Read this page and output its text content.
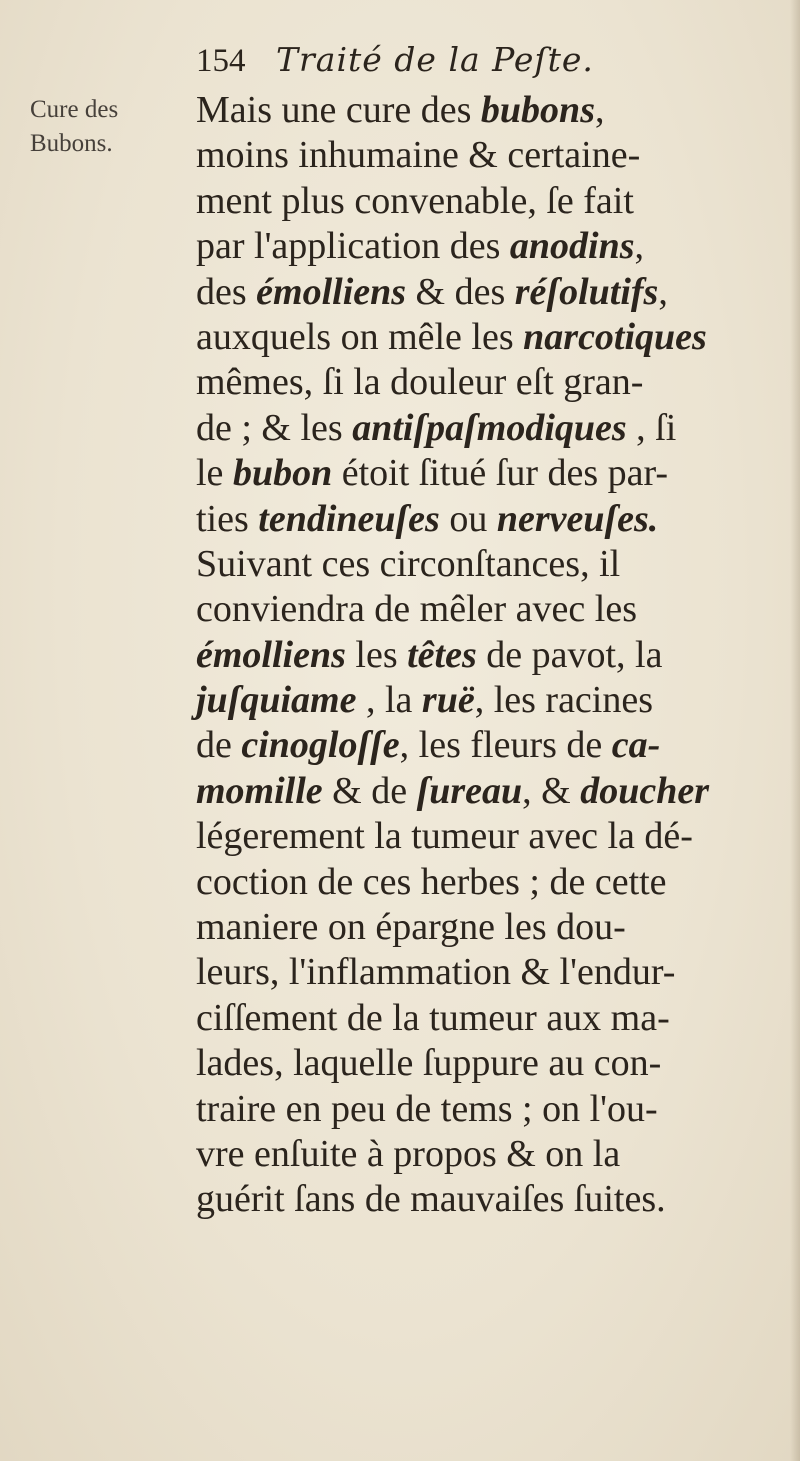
154 Traité de la Peſte.
Cure des
Bubons.
Mais une cure des bubons,
moins inhumaine & certaine-
ment plus convenable, ſe fait
par l'application des anodins,
des émolliens & des réſolutifs,
auxquels on mêle les narcotiques
mêmes, ſi la douleur eſt gran-
de ; & les antiſpaſmodiques , ſi
le bubon étoit ſitué ſur des par-
ties tendineuſes ou nerveuſes.
Suivant ces circonſtances, il
conviendra de mêler avec les
émolliens les têtes de pavot, la
juſquiame , la ruë, les racines
de cinogloſſe, les fleurs de ca-
momille & de ſureau, & doucher
légerement la tumeur avec la dé-
coction de ces herbes ; de cette
maniere on épargne les dou-
leurs, l'inflammation & l'endur-
ciſſement de la tumeur aux ma-
lades, laquelle ſuppure au con-
traire en peu de tems ; on l'ou-
vre enſuite à propos & on la
guérit ſans de mauvaiſes ſuites.
